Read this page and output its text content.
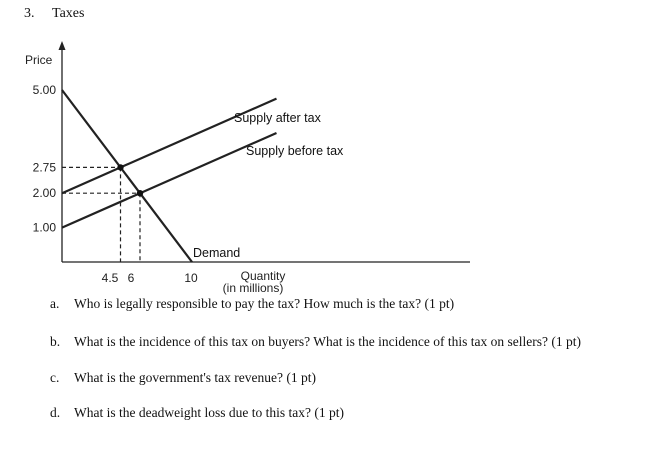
3. Taxes
Price
Quantity
(in millions)
5.00
2.75
2.00
1.00
4.5 6	10
Demand
Supply before tax
Supply after tax
a. Who is legally responsible to pay the tax? How much is the tax? (1 pt)
b. What is the incidence of this tax on buyers? What is the incidence of this tax on sellers? (1 pt)
c. What is the government's tax revenue? (1 pt)
d. What is the deadweight loss due to this tax? (1 pt)
